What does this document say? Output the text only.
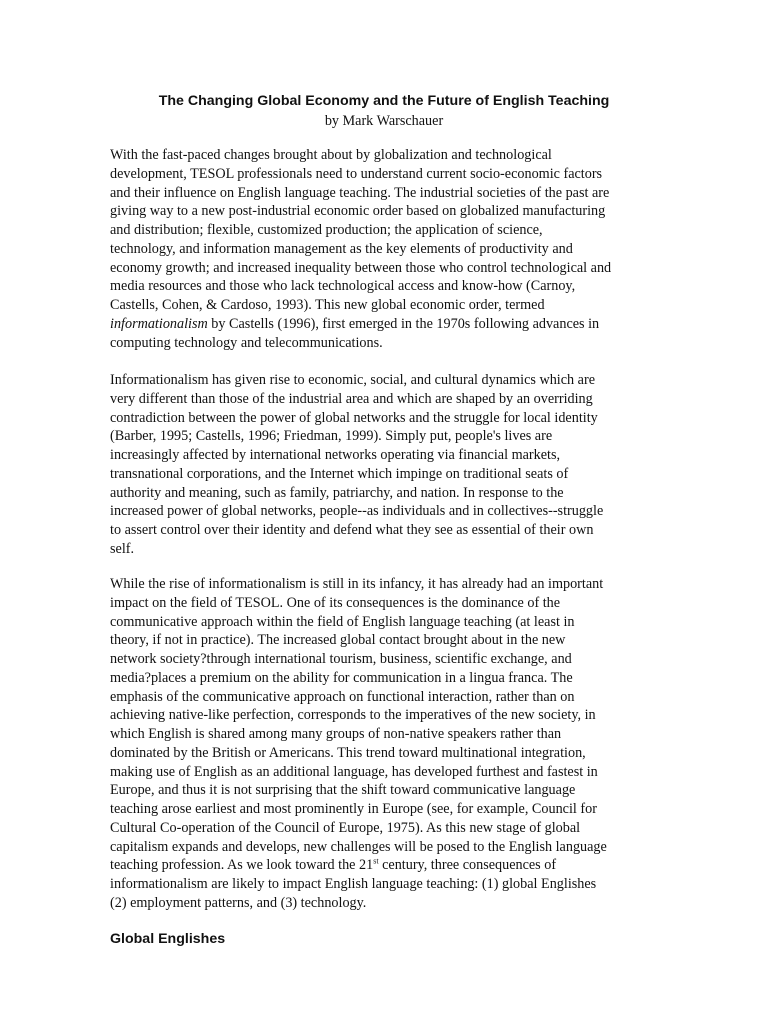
The Changing Global Economy and the Future of English Teaching
by Mark Warschauer
With the fast-paced changes brought about by globalization and technological
development, TESOL professionals need to understand current socio-economic factors
and their influence on English language teaching. The industrial societies of the past are
giving way to a new post-industrial economic order based on globalized manufacturing
and distribution; flexible, customized production; the application of science,
technology, and information management as the key elements of productivity and
economy growth; and increased inequality between those who control technological and
media resources and those who lack technological access and know-how (Carnoy,
Castells, Cohen, & Cardoso, 1993). This new global economic order, termed
informationalism by Castells (1996), first emerged in the 1970s following advances in
computing technology and telecommunications.
Informationalism has given rise to economic, social, and cultural dynamics which are
very different than those of the industrial area and which are shaped by an overriding
contradiction between the power of global networks and the struggle for local identity
(Barber, 1995; Castells, 1996; Friedman, 1999). Simply put, people's lives are
increasingly affected by international networks operating via financial markets,
transnational corporations, and the Internet which impinge on traditional seats of
authority and meaning, such as family, patriarchy, and nation. In response to the
increased power of global networks, people--as individuals and in collectives--struggle
to assert control over their identity and defend what they see as essential of their own
self.
While the rise of informationalism is still in its infancy, it has already had an important
impact on the field of TESOL. One of its consequences is the dominance of the
communicative approach within the field of English language teaching (at least in
theory, if not in practice). The increased global contact brought about in the new
network society?through international tourism, business, scientific exchange, and
media?places a premium on the ability for communication in a lingua franca. The
emphasis of the communicative approach on functional interaction, rather than on
achieving native-like perfection, corresponds to the imperatives of the new society, in
which English is shared among many groups of non-native speakers rather than
dominated by the British or Americans. This trend toward multinational integration,
making use of English as an additional language, has developed furthest and fastest in
Europe, and thus it is not surprising that the shift toward communicative language
teaching arose earliest and most prominently in Europe (see, for example, Council for
Cultural Co-operation of the Council of Europe, 1975). As this new stage of global
capitalism expands and develops, new challenges will be posed to the English language
teaching profession. As we look toward the 21st century, three consequences of
informationalism are likely to impact English language teaching: (1) global Englishes
(2) employment patterns, and (3) technology.
Global Englishes
